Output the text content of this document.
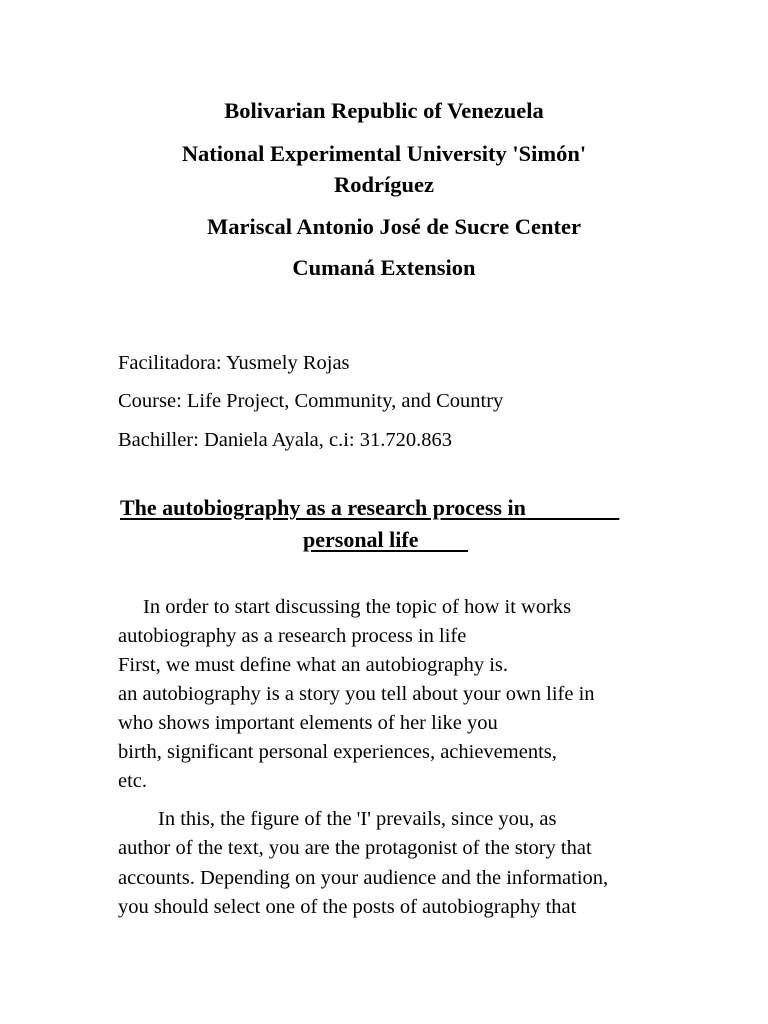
Bolivarian Republic of Venezuela
National Experimental University 'Simón'
Rodríguez
Mariscal Antonio José de Sucre Center
Cumaná Extension
Facilitadora: Yusmely Rojas
Course: Life Project, Community, and Country
Bachiller: Daniela Ayala, c.i: 31.720.863
The autobiography as a research process in
personal life
In order to start discussing the topic of how it works
autobiography as a research process in life
First, we must define what an autobiography is.
an autobiography is a story you tell about your own life in
who shows important elements of her like you
birth, significant personal experiences, achievements,
etc.
In this, the figure of the 'I' prevails, since you, as
author of the text, you are the protagonist of the story that
accounts. Depending on your audience and the information,
you should select one of the posts of autobiography that
